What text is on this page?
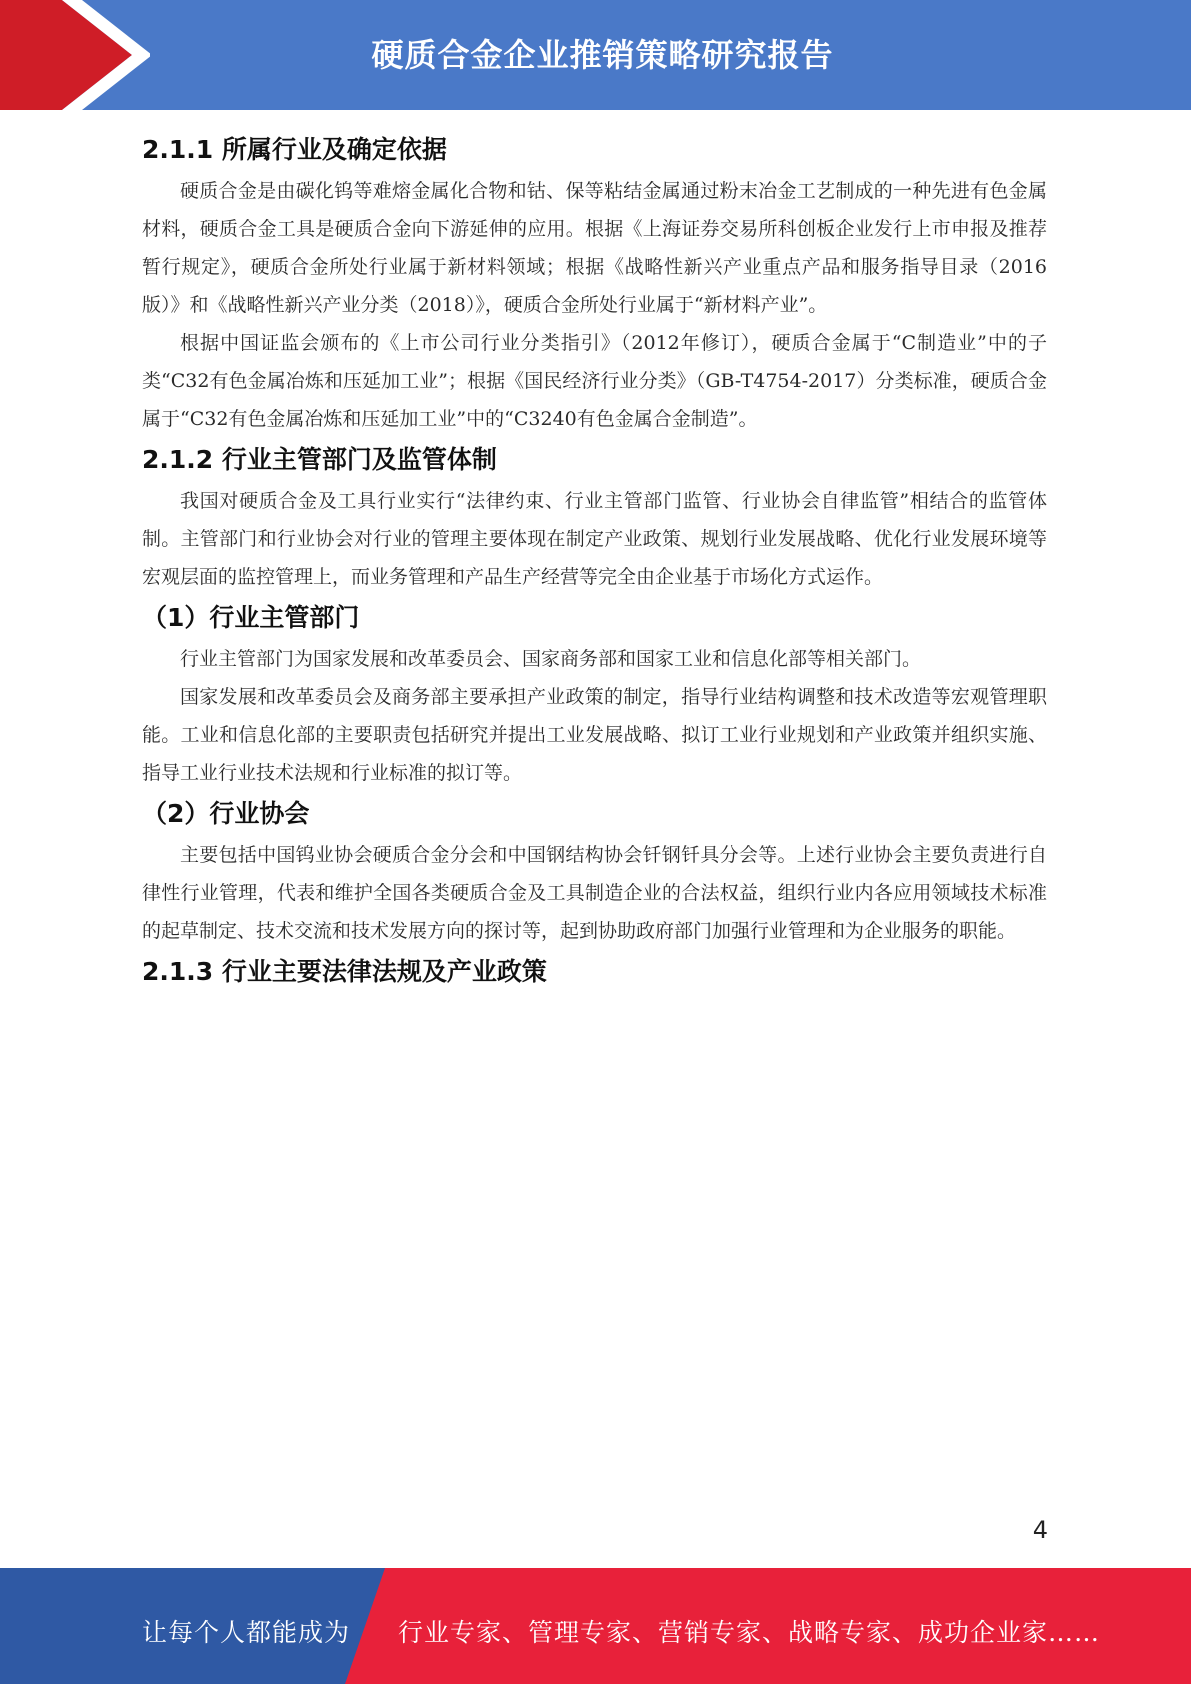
硬质合金企业推销策略研究报告
2.1.1 所属行业及确定依据

硬质合金是由碳化钨等难熔金属化合物和钴、保等粘结金属通过粉末冶金工艺制成的一种先进有色金属材料，硬质合金工具是硬质合金向下游延伸的应用。根据《上海证券交易所科创板企业发行上市申报及推荐暂行规定》，硬质合金所处行业属于新材料领域；根据《战略性新兴产业重点产品和服务指导目录（2016版）》和《战略性新兴产业分类（2018）》，硬质合金所处行业属于“新材料产业”。

根据中国证监会颁布的《上市公司行业分类指引》（2012年修订），硬质合金属于“C制造业”中的子类“C32有色金属冶炼和压延加工业”；根据《国民经济行业分类》（GB-T4754-2017）分类标准，硬质合金属于“C32有色金属冶炼和压延加工业”中的“C3240有色金属合金制造”。

2.1.2 行业主管部门及监管体制

我国对硬质合金及工具行业实行“法律约束、行业主管部门监管、行业协会自律监管”相结合的监管体制。主管部门和行业协会对行业的管理主要体现在制定产业政策、规划行业发展战略、优化行业发展环境等宏观层面的监控管理上，而业务管理和产品生产经营等完全由企业基于市场化方式运作。

（1）行业主管部门

行业主管部门为国家发展和改革委员会、国家商务部和国家工业和信息化部等相关部门。

国家发展和改革委员会及商务部主要承担产业政策的制定，指导行业结构调整和技术改造等宏观管理职能。工业和信息化部的主要职责包括研究并提出工业发展战略、拟订工业行业规划和产业政策并组织实施、指导工业行业技术法规和行业标准的拟订等。

（2）行业协会

主要包括中国钨业协会硬质合金分会和中国钢结构协会钎钢钎具分会等。上述行业协会主要负责进行自律性行业管理，代表和维护全国各类硬质合金及工具制造企业的合法权益，组织行业内各应用领域技术标准的起草制定、技术交流和技术发展方向的探讨等，起到协助政府部门加强行业管理和为企业服务的职能。

2.1.3 行业主要法律法规及产业政策
4
让每个人都能成为 行业专家、管理专家、营销专家、战略专家、成功企业家……
